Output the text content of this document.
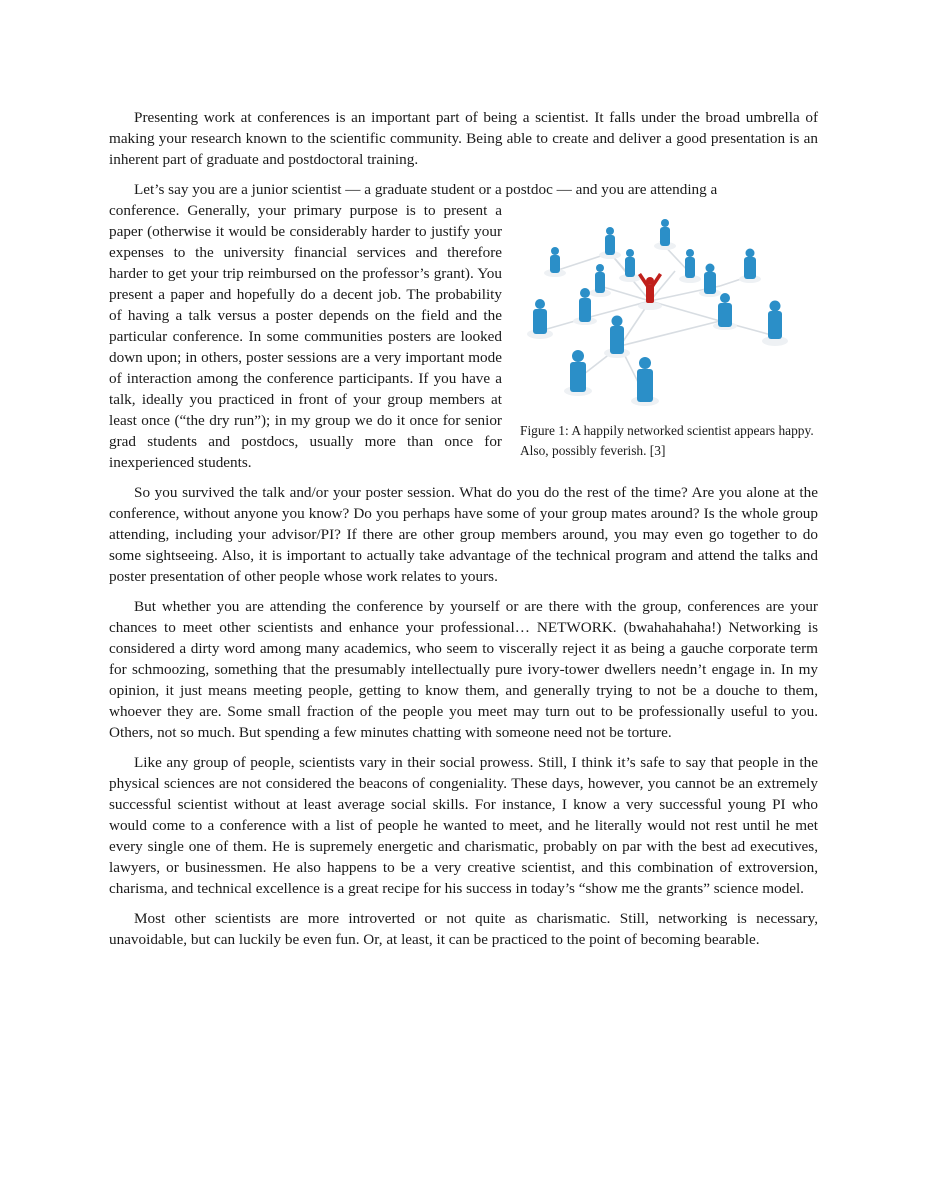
Presenting work at conferences is an important part of being a scientist. It falls under the broad umbrella of making your research known to the scientific community. Being able to create and deliver a good presentation is an inherent part of graduate and postdoctoral training.

Let’s say you are a junior scientist — a graduate student or a postdoc — and you are attending a

Figure 1: A happily networked scientist appears happy. Also, possibly feverish. [3]

conference. Generally, your primary purpose is to present a paper (otherwise it would be considerably harder to justify your expenses to the university financial services and therefore harder to get your trip reimbursed on the professor’s grant). You present a paper and hopefully do a decent job. The probability of having a talk versus a poster depends on the field and the particular conference. In some communities posters are looked down upon; in others, poster sessions are a very important mode of interaction among the conference participants. If you have a talk, ideally you practiced in front of your group members at least once (“the dry run”); in my group we do it once for senior grad students and postdocs, usually more than once for inexperienced students.

So you survived the talk and/or your poster session. What do you do the rest of the time? Are you alone at the conference, without anyone you know? Do you perhaps have some of your group mates around? Is the whole group attending, including your advisor/PI? If there are other group members around, you may even go together to do some sightseeing. Also, it is important to actually take advantage of the technical program and attend the talks and poster presentation of other people whose work relates to yours.

But whether you are attending the conference by yourself or are there with the group, conferences are your chances to meet other scientists and enhance your professional… NETWORK. (bwahahahaha!) Networking is considered a dirty word among many academics, who seem to viscerally reject it as being a gauche corporate term for schmoozing, something that the presumably intellectually pure ivory-tower dwellers needn’t engage in. In my opinion, it just means meeting people, getting to know them, and generally trying to not be a douche to them, whoever they are. Some small fraction of the people you meet may turn out to be professionally useful to you. Others, not so much. But spending a few minutes chatting with someone need not be torture.

Like any group of people, scientists vary in their social prowess. Still, I think it’s safe to say that people in the physical sciences are not considered the beacons of congeniality. These days, however, you cannot be an extremely successful scientist without at least average social skills. For instance, I know a very successful young PI who would come to a conference with a list of people he wanted to meet, and he literally would not rest until he met every single one of them. He is supremely energetic and charismatic, probably on par with the best ad executives, lawyers, or businessmen. He also happens to be a very creative scientist, and this combination of extroversion, charisma, and technical excellence is a great recipe for his success in today’s “show me the grants” science model.

Most other scientists are more introverted or not quite as charismatic. Still, networking is necessary, unavoidable, but can luckily be even fun. Or, at least, it can be practiced to the point of becoming bearable.
